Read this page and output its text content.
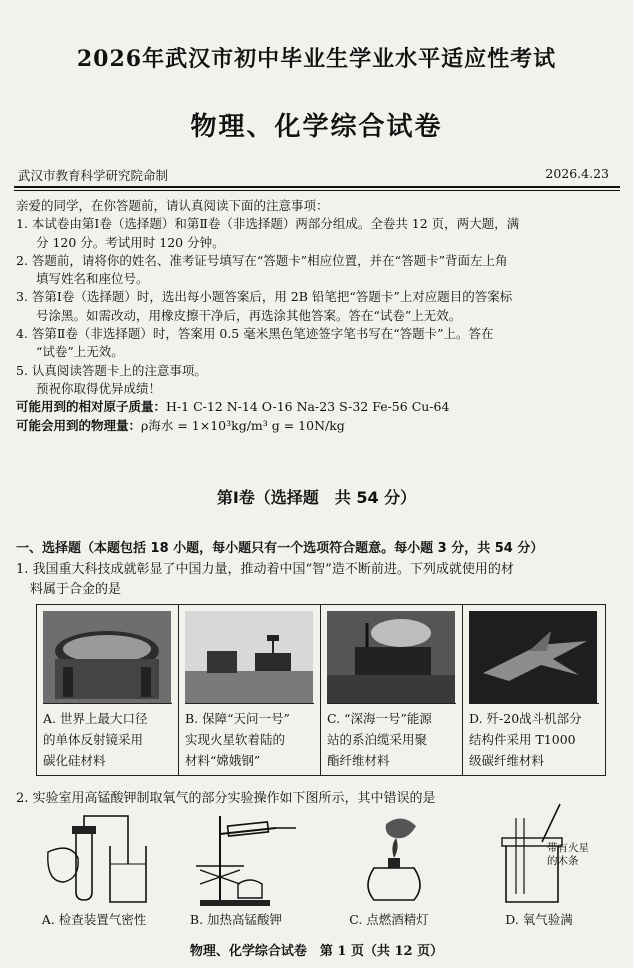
2026年武汉市初中毕业生学业水平适应性考试
物理、化学综合试卷
武汉市教育科学研究院命制	2026.4.23
亲爱的同学，在你答题前，请认真阅读下面的注意事项：
1. 本试卷由第Ⅰ卷（选择题）和第Ⅱ卷（非选择题）两部分组成。全卷共 12 页，两大题，满
分 120 分。考试用时 120 分钟。
2. 答题前，请将你的姓名、准考证号填写在“答题卡”相应位置，并在“答题卡”背面左上角
填写姓名和座位号。
3. 答第Ⅰ卷（选择题）时，选出每小题答案后，用 2B 铅笔把“答题卡”上对应题目的答案标
号涂黑。如需改动，用橡皮擦干净后，再选涂其他答案。答在“试卷”上无效。
4. 答第Ⅱ卷（非选择题）时，答案用 0.5 毫米黑色笔迹签字笔书写在“答题卡”上。答在
“试卷”上无效。
5. 认真阅读答题卡上的注意事项。
预祝你取得优异成绩！
可能用到的相对原子质量：H-1 C-12 N-14 O-16 Na-23 S-32 Fe-56 Cu-64
可能会用到的物理量：ρ海水 = 1×10³kg/m³ g = 10N/kg
第Ⅰ卷（选择题　共 54 分）
一、选择题（本题包括 18 小题，每小题只有一个选项符合题意。每小题 3 分，共 54 分）
1. 我国重大科技成就彰显了中国力量，推动着中国“智”造不断前进。下列成就使用的材
料属于合金的是
A. 世界上最大口径
的单体反射镜采用
碳化硅材料
B. 保障“天问一号”
实现火星软着陆的
材料“嫦娥钢”
C. “深海一号”能源
站的系泊缆采用聚
酯纤维材料
D. 歼-20战斗机部分
结构件采用 T1000
级碳纤维材料
2. 实验室用高锰酸钾制取氧气的部分实验操作如下图所示，其中错误的是
带有火星
的木条
A. 检查装置气密性	B. 加热高锰酸钾	C. 点燃酒精灯	D. 氧气验满
物理、化学综合试卷　第 1 页（共 12 页）
